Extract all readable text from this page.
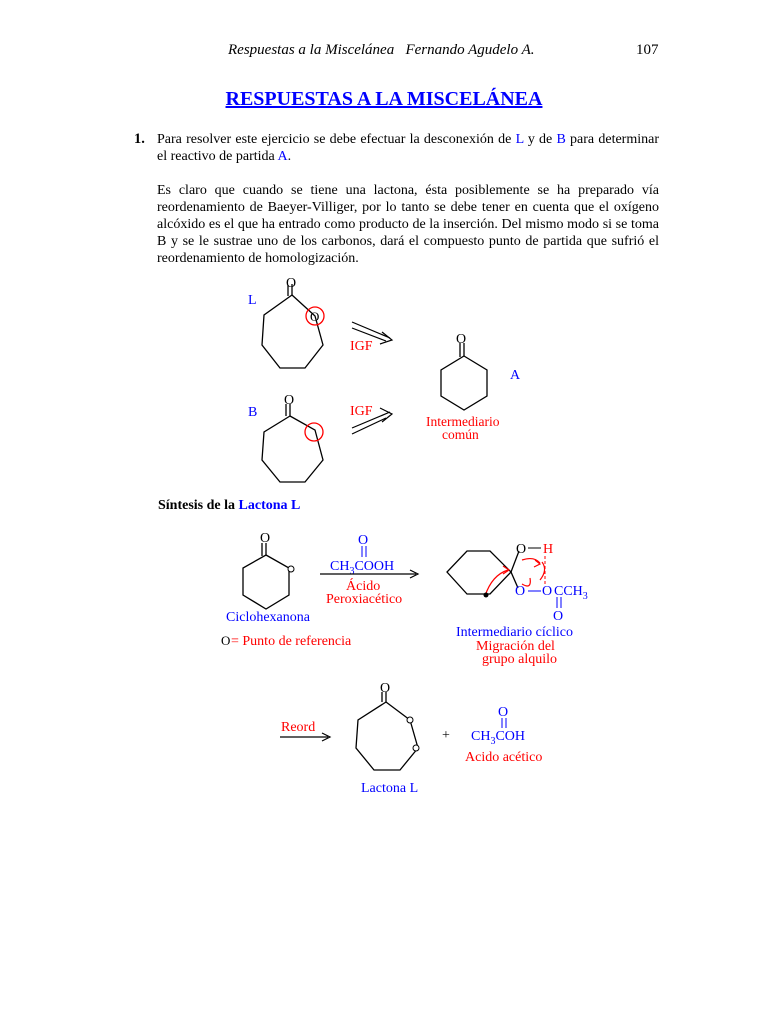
Respuestas a la Miscelánea   Fernando Agudelo A.	107
RESPUESTAS A LA MISCELÁNEA
1. Para resolver este ejercicio se debe efectuar la desconexión de L y de B para determinar el reactivo de partida A.
Es claro que cuando se tiene una lactona, ésta posiblemente se ha preparado vía reordenamiento de Baeyer-Villiger, por lo tanto se debe tener en cuenta que el oxígeno alcóxido es el que ha entrado como producto de la inserción. Del mismo modo si se toma B y se le sustrae uno de los carbonos, dará el compuesto punto de partida que sufrió el reordenamiento de homologización.
Síntesis de la Lactona L
O
O
L
O
B
IGF
IGF
O
A
Intermediario
común
O
Ciclohexanona
O = Punto de referencia
O
$CH_3COOH$
Ácido
Peroxiacético
O H
O O $CCH_3$
O
Intermediario cíclico
Migración del
grupo alquilo
Reord
O
Lactona L
+
O
$CH_3COH$
Acido acético
